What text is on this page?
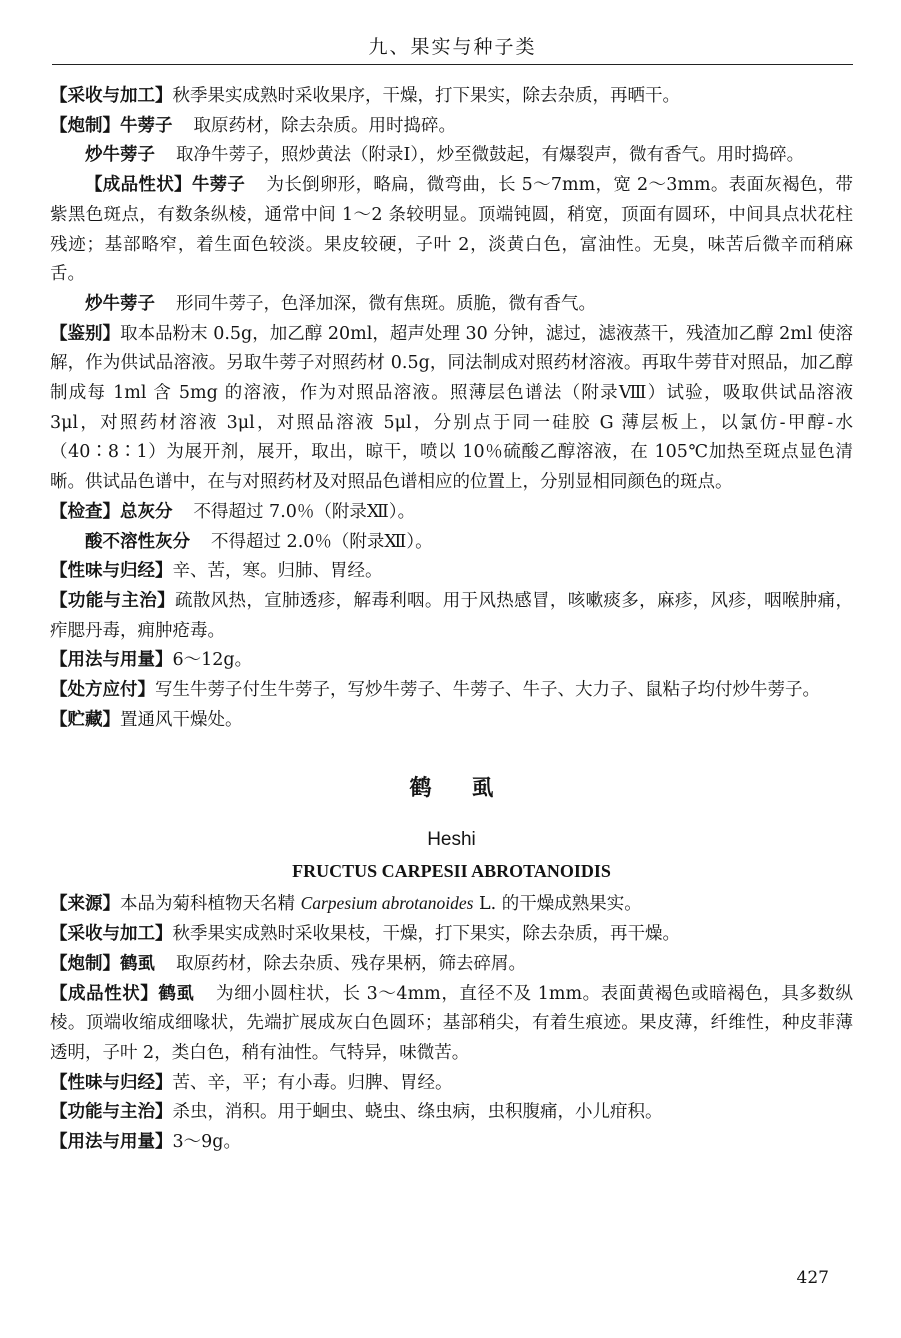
九、果实与种子类

【采收与加工】秋季果实成熟时采收果序，干燥，打下果实，除去杂质，再晒干。

【炮制】牛蒡子 取原药材，除去杂质。用时捣碎。

炒牛蒡子 取净牛蒡子，照炒黄法（附录Ⅰ），炒至微鼓起，有爆裂声，微有香气。用时捣碎。

【成品性状】牛蒡子 为长倒卵形，略扁，微弯曲，长 5～7mm，宽 2～3mm。表面灰褐色，带紫黑色斑点，有数条纵棱，通常中间 1～2 条较明显。顶端钝圆，稍宽，顶面有圆环，中间具点状花柱残迹；基部略窄，着生面色较淡。果皮较硬，子叶 2，淡黄白色，富油性。无臭，味苦后微辛而稍麻舌。

炒牛蒡子 形同牛蒡子，色泽加深，微有焦斑。质脆，微有香气。

【鉴别】取本品粉末 0.5g，加乙醇 20ml，超声处理 30 分钟，滤过，滤液蒸干，残渣加乙醇 2ml 使溶解，作为供试品溶液。另取牛蒡子对照药材 0.5g，同法制成对照药材溶液。再取牛蒡苷对照品，加乙醇制成每 1ml 含 5mg 的溶液，作为对照品溶液。照薄层色谱法（附录Ⅷ）试验，吸取供试品溶液 3μl，对照药材溶液 3μl，对照品溶液 5μl，分别点于同一硅胶 G 薄层板上，以氯仿-甲醇-水（40∶8∶1）为展开剂，展开，取出，晾干，喷以 10％硫酸乙醇溶液，在 105℃加热至斑点显色清晰。供试品色谱中，在与对照药材及对照品色谱相应的位置上，分别显相同颜色的斑点。

【检查】总灰分 不得超过 7.0％（附录Ⅻ）。

酸不溶性灰分 不得超过 2.0％（附录Ⅻ）。

【性味与归经】辛、苦，寒。归肺、胃经。

【功能与主治】疏散风热，宣肺透疹，解毒利咽。用于风热感冒，咳嗽痰多，麻疹，风疹，咽喉肿痛，痄腮丹毒，痈肿疮毒。

【用法与用量】6～12g。

【处方应付】写生牛蒡子付生牛蒡子，写炒牛蒡子、牛蒡子、牛子、大力子、鼠粘子均付炒牛蒡子。

【贮藏】置通风干燥处。

鹤虱
Heshi
FRUCTUS CARPESII ABROTANOIDIS

【来源】本品为菊科植物天名精 Carpesium abrotanoides L. 的干燥成熟果实。

【采收与加工】秋季果实成熟时采收果枝，干燥，打下果实，除去杂质，再干燥。

【炮制】鹤虱 取原药材，除去杂质、残存果柄，筛去碎屑。

【成品性状】鹤虱 为细小圆柱状，长 3～4mm，直径不及 1mm。表面黄褐色或暗褐色，具多数纵棱。顶端收缩成细喙状，先端扩展成灰白色圆环；基部稍尖，有着生痕迹。果皮薄，纤维性，种皮菲薄透明，子叶 2，类白色，稍有油性。气特异，味微苦。

【性味与归经】苦、辛，平；有小毒。归脾、胃经。

【功能与主治】杀虫，消积。用于蛔虫、蛲虫、绦虫病，虫积腹痛，小儿疳积。

【用法与用量】3～9g。

427
